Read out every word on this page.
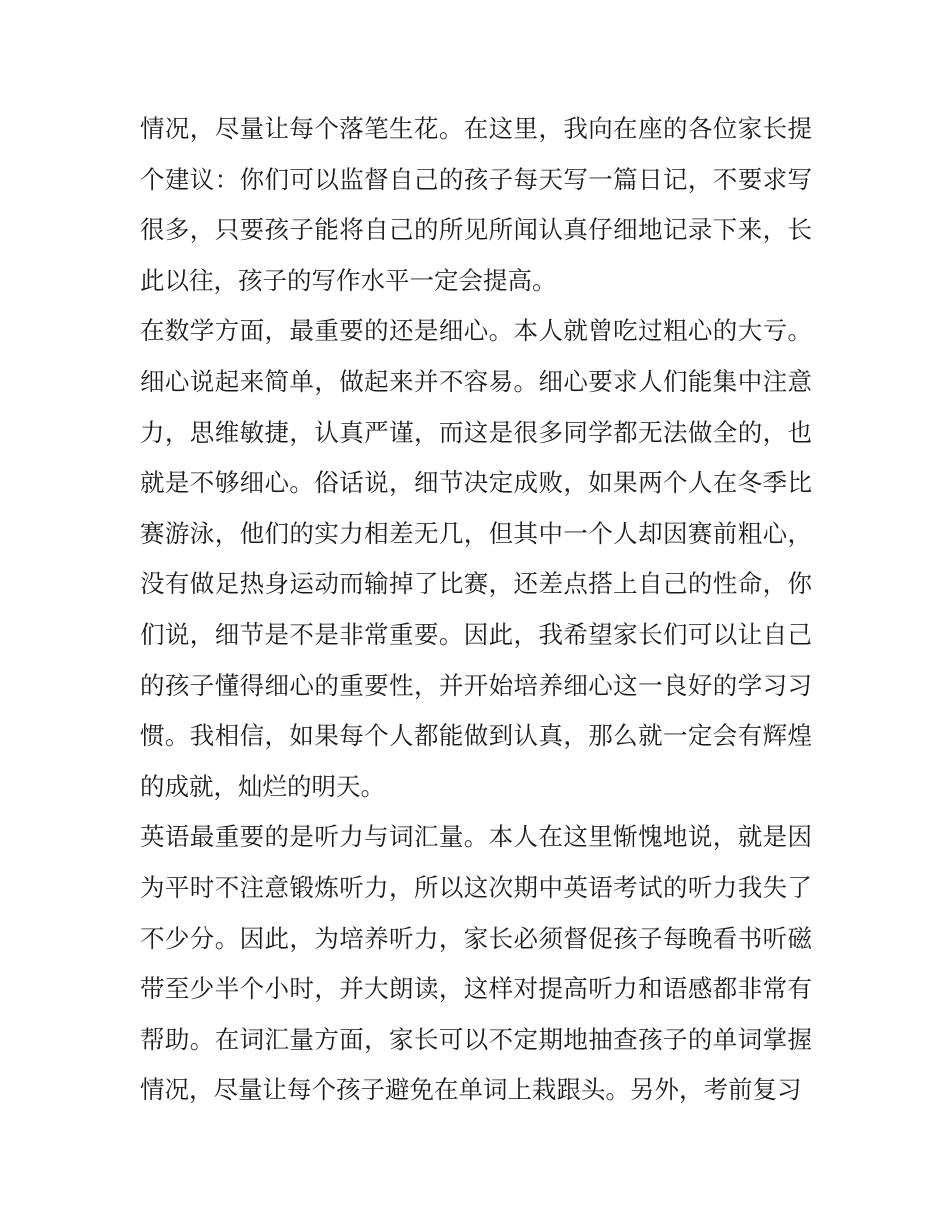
情况，尽量让每个落笔生花。在这里，我向在座的各位家长提个建议：你们可以监督自己的孩子每天写一篇日记，不要求写很多，只要孩子能将自己的所见所闻认真仔细地记录下来，长此以往，孩子的写作水平一定会提高。

在数学方面，最重要的还是细心。本人就曾吃过粗心的大亏。细心说起来简单，做起来并不容易。细心要求人们能集中注意力，思维敏捷，认真严谨，而这是很多同学都无法做全的，也就是不够细心。俗话说，细节决定成败，如果两个人在冬季比赛游泳，他们的实力相差无几，但其中一个人却因赛前粗心，没有做足热身运动而输掉了比赛，还差点搭上自己的性命，你们说，细节是不是非常重要。因此，我希望家长们可以让自己的孩子懂得细心的重要性，并开始培养细心这一良好的学习习惯。我相信，如果每个人都能做到认真，那么就一定会有辉煌的成就，灿烂的明天。

英语最重要的是听力与词汇量。本人在这里惭愧地说，就是因为平时不注意锻炼听力，所以这次期中英语考试的听力我失了不少分。因此，为培养听力，家长必须督促孩子每晚看书听磁带至少半个小时，并大朗读，这样对提高听力和语感都非常有帮助。在词汇量方面，家长可以不定期地抽查孩子的单词掌握情况，尽量让每个孩子避免在单词上栽跟头。另外，考前复习
